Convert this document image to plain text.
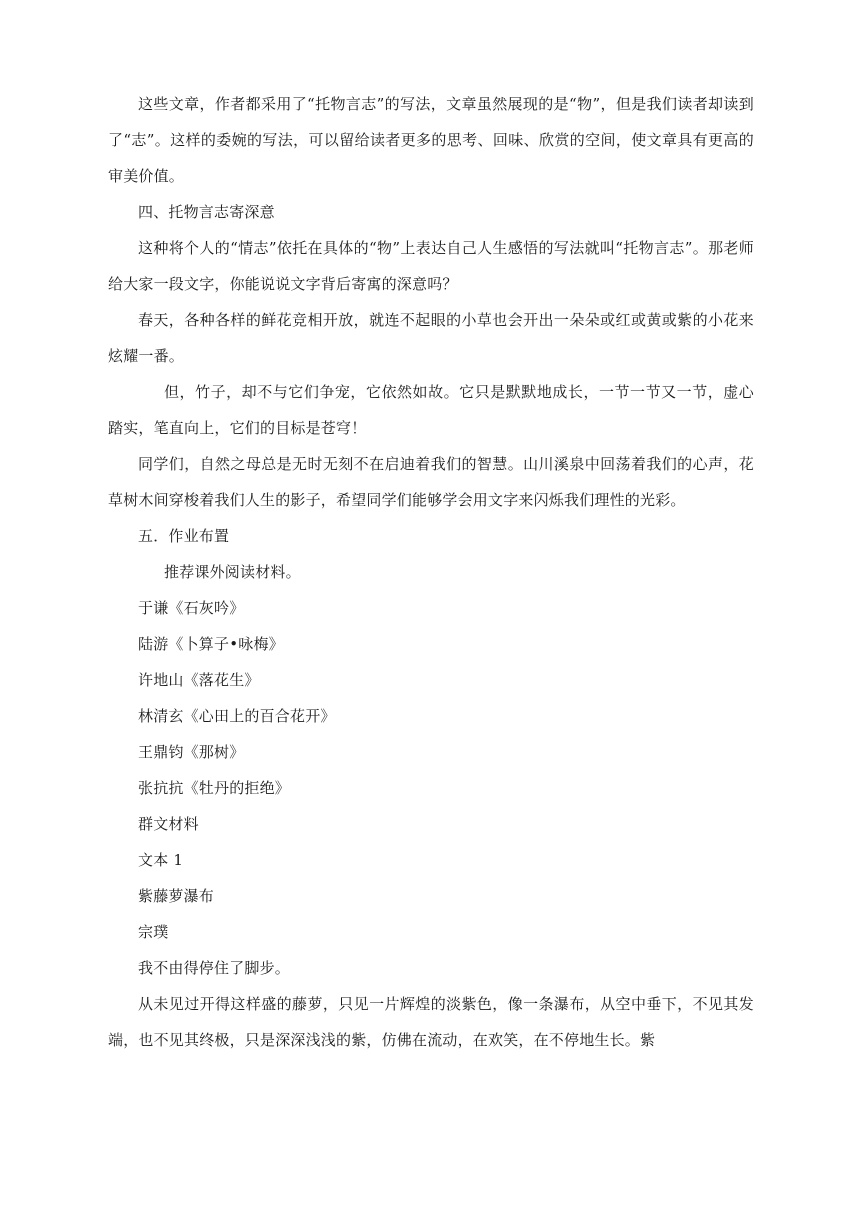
这些文章，作者都采用了“托物言志”的写法，文章虽然展现的是“物”，但是我们读者却读到了“志”。这样的委婉的写法，可以留给读者更多的思考、回味、欣赏的空间，使文章具有更高的审美价值。

四、托物言志寄深意

这种将个人的“情志”依托在具体的“物”上表达自己人生感悟的写法就叫“托物言志”。那老师给大家一段文字，你能说说文字背后寄寓的深意吗？

春天，各种各样的鲜花竞相开放，就连不起眼的小草也会开出一朵朵或红或黄或紫的小花来炫耀一番。

但，竹子，却不与它们争宠，它依然如故。它只是默默地成长，一节一节又一节，虚心踏实，笔直向上，它们的目标是苍穹！

同学们，自然之母总是无时无刻不在启迪着我们的智慧。山川溪泉中回荡着我们的心声，花草树木间穿梭着我们人生的影子，希望同学们能够学会用文字来闪烁我们理性的光彩。

五．作业布置

推荐课外阅读材料。

于谦《石灰吟》

陆游《卜算子•咏梅》

许地山《落花生》

林清玄《心田上的百合花开》

王鼎钧《那树》

张抗抗《牡丹的拒绝》

群文材料

文本 1

紫藤萝瀑布

宗璞

我不由得停住了脚步。

从未见过开得这样盛的藤萝，只见一片辉煌的淡紫色，像一条瀑布，从空中垂下，不见其发端，也不见其终极，只是深深浅浅的紫，仿佛在流动，在欢笑，在不停地生长。紫
